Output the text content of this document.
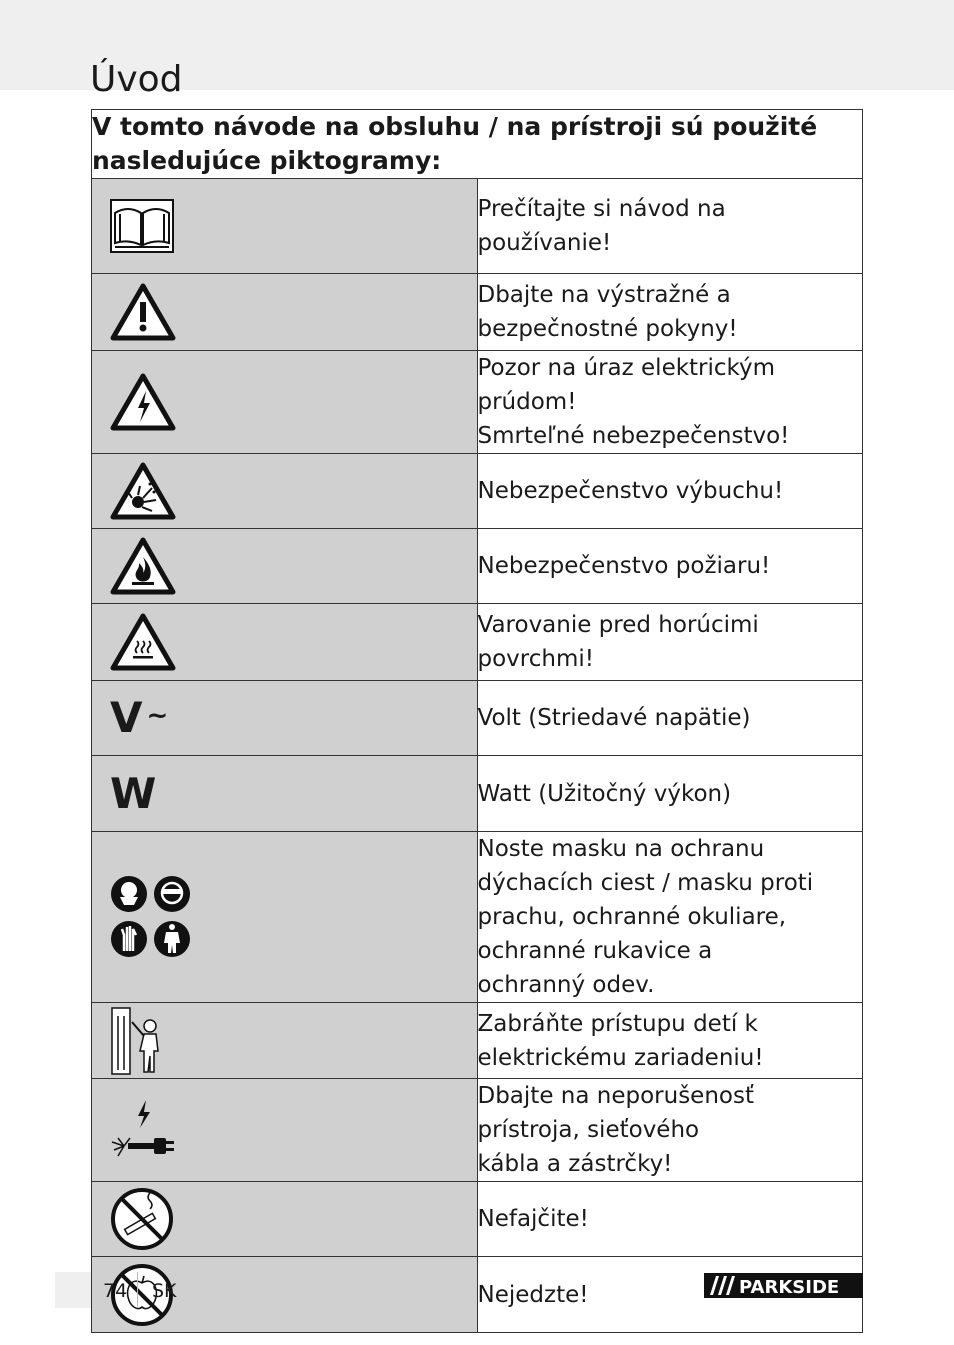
Úvod
V tomto návode na obsluhu / na prístroji sú použité
nasledujúce piktogramy:	

Prečítajte si návod na používanie!

Dbajte na výstražné a bezpečnostné pokyny!

Pozor na úraz elektrickým prúdom!
Smrteľné nebezpečenstvo!

Nebezpečenstvo výbuchu!

Nebezpečenstvo požiaru!

Varovanie pred horúcimi povrchmi!

V ~	Volt (Striedavé napätie)

W	Watt (Užitočný výkon)

Noste masku na ochranu dýchacích ciest / masku proti
prachu, ochranné okuliare, ochranné rukavice a
ochranný odev.

Zabráňte prístupu detí k elektrickému zariadeniu!

Dbajte na neporušenosť prístroja, sieťového
kábla a zástrčky!

Nefajčite!

Nejedzte!
74 SK	PARKSIDE
